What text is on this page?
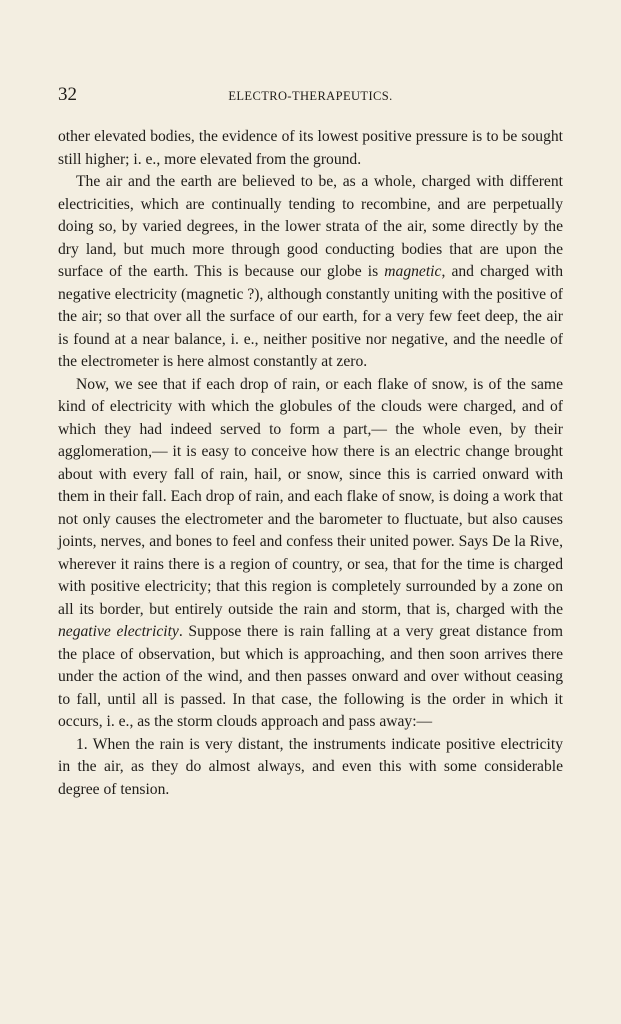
32	ELECTRO-THERAPEUTICS.

other elevated bodies, the evidence of its lowest positive pressure is to be sought still higher; i. e., more elevated from the ground.

The air and the earth are believed to be, as a whole, charged with different electricities, which are continually tending to recombine, and are perpetually doing so, by varied degrees, in the lower strata of the air, some directly by the dry land, but much more through good conducting bodies that are upon the surface of the earth. This is because our globe is magnetic, and charged with negative electricity (magnetic ?), although constantly uniting with the positive of the air; so that over all the surface of our earth, for a very few feet deep, the air is found at a near balance, i. e., neither positive nor negative, and the needle of the electrometer is here almost constantly at zero.

Now, we see that if each drop of rain, or each flake of snow, is of the same kind of electricity with which the globules of the clouds were charged, and of which they had indeed served to form a part,— the whole even, by their agglomeration,— it is easy to conceive how there is an electric change brought about with every fall of rain, hail, or snow, since this is carried onward with them in their fall. Each drop of rain, and each flake of snow, is doing a work that not only causes the electrometer and the barometer to fluctuate, but also causes joints, nerves, and bones to feel and confess their united power. Says De la Rive, wherever it rains there is a region of country, or sea, that for the time is charged with positive electricity; that this region is completely surrounded by a zone on all its border, but entirely outside the rain and storm, that is, charged with the negative electricity. Suppose there is rain falling at a very great distance from the place of observation, but which is approaching, and then soon arrives there under the action of the wind, and then passes onward and over without ceasing to fall, until all is passed. In that case, the following is the order in which it occurs, i. e., as the storm clouds approach and pass away:—

1. When the rain is very distant, the instruments indicate positive electricity in the air, as they do almost always, and even this with some considerable degree of tension.
